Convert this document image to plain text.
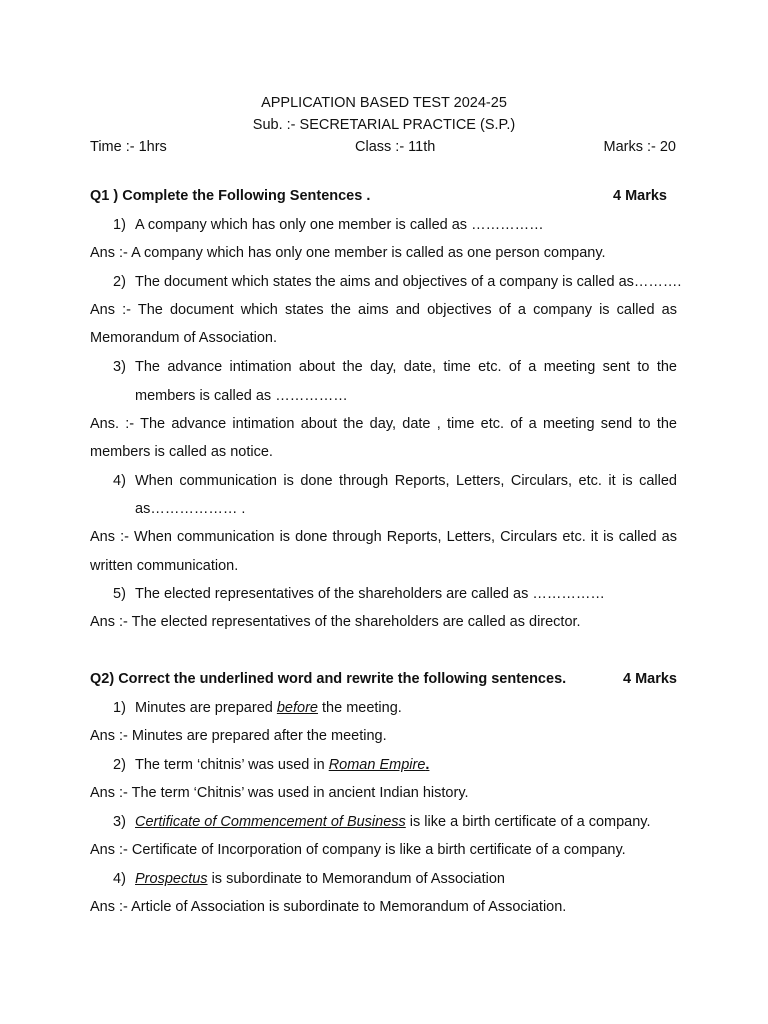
APPLICATION BASED TEST 2024-25
Sub. :- SECRETARIAL PRACTICE (S.P.)
Time :- 1hrs	Class :- 11th	Marks :- 20
Q1 ) Complete the Following Sentences .	4 Marks
1) A company which has only one member is called as ……………
Ans :- A company which has only one member is called as one person company.
2) The document which states the aims and objectives of a company is called as……….
Ans :- The document which states the aims and objectives of a company is called as
Memorandum of Association.
3) The advance intimation about the day, date, time etc. of a meeting sent to the
members is called as ……………
Ans. :- The advance intimation about the day, date , time etc. of a meeting send to the
members is called as notice.
4) When communication is done through Reports, Letters, Circulars, etc. it is called
as……………… .
Ans :- When communication is done through Reports, Letters, Circulars etc. it is called as
written communication.
5) The elected representatives of the shareholders are called as ……………
Ans :- The elected representatives of the shareholders are called as director.
Q2) Correct the underlined word and rewrite the following sentences.	4 Marks
1) Minutes are prepared before the meeting.
Ans :- Minutes are prepared after the meeting.
2) The term ‘chitnis’ was used in Roman Empire.
Ans :- The term ‘Chitnis’ was used in ancient Indian history.
3) Certificate of Commencement of Business is like a birth certificate of a company.
Ans :- Certificate of Incorporation of company is like a birth certificate of a company.
4) Prospectus is subordinate to Memorandum of Association
Ans :- Article of Association is subordinate to Memorandum of Association.
